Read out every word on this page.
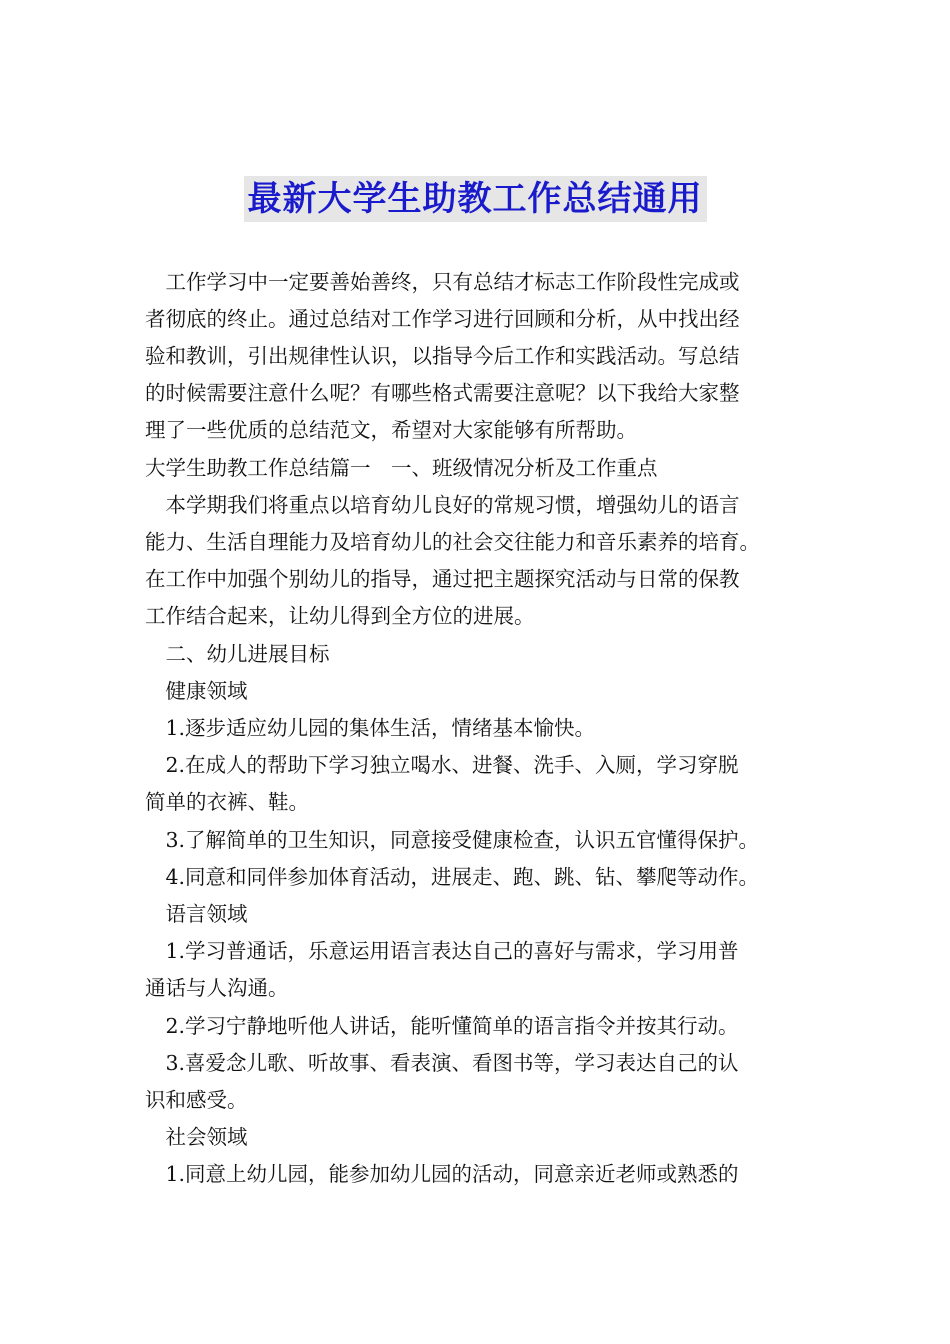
最新大学生助教工作总结通用
　工作学习中一定要善始善终，只有总结才标志工作阶段性完成或
者彻底的终止。通过总结对工作学习进行回顾和分析，从中找出经
验和教训，引出规律性认识，以指导今后工作和实践活动。写总结
的时候需要注意什么呢？有哪些格式需要注意呢？以下我给大家整
理了一些优质的总结范文，希望对大家能够有所帮助。
大学生助教工作总结篇一　一、班级情况分析及工作重点
　本学期我们将重点以培育幼儿良好的常规习惯，增强幼儿的语言
能力、生活自理能力及培育幼儿的社会交往能力和音乐素养的培育。
在工作中加强个别幼儿的指导，通过把主题探究活动与日常的保教
工作结合起来，让幼儿得到全方位的进展。
　二、幼儿进展目标
　健康领域
　1.逐步适应幼儿园的集体生活，情绪基本愉快。
　2.在成人的帮助下学习独立喝水、进餐、洗手、入厕，学习穿脱
简单的衣裤、鞋。
　3.了解简单的卫生知识，同意接受健康检查，认识五官懂得保护。
　4.同意和同伴参加体育活动，进展走、跑、跳、钻、攀爬等动作。
　语言领域
　1.学习普通话，乐意运用语言表达自己的喜好与需求，学习用普
通话与人沟通。
　2.学习宁静地听他人讲话，能听懂简单的语言指令并按其行动。
　3.喜爱念儿歌、听故事、看表演、看图书等，学习表达自己的认
识和感受。
　社会领域
　1.同意上幼儿园，能参加幼儿园的活动，同意亲近老师或熟悉的
